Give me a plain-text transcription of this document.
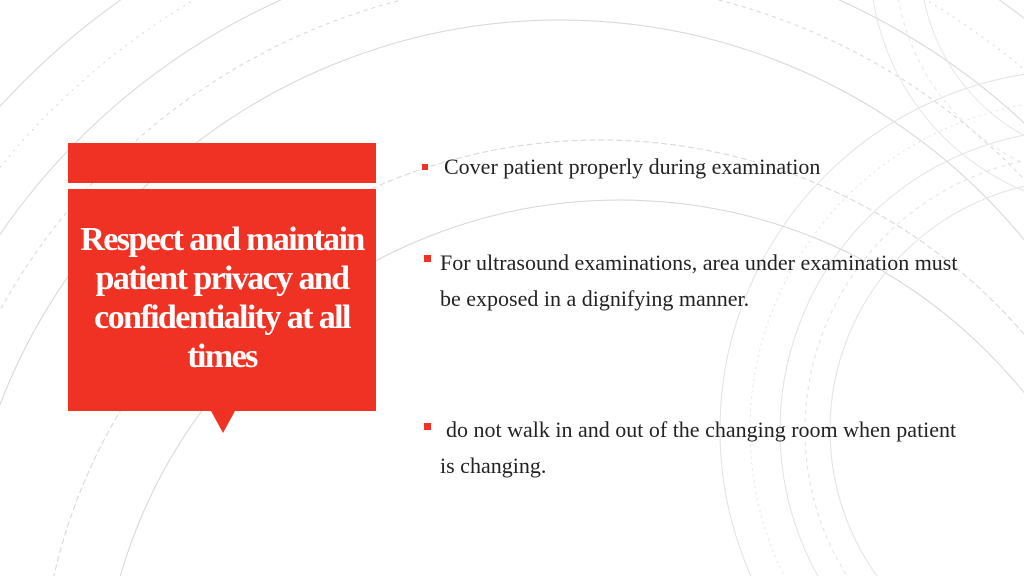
Respect and maintain patient privacy and confidentiality at all times
Cover patient properly during examination
For ultrasound examinations, area under examination must be exposed in a dignifying manner.
do not walk in and out of the changing room when patient is changing.
